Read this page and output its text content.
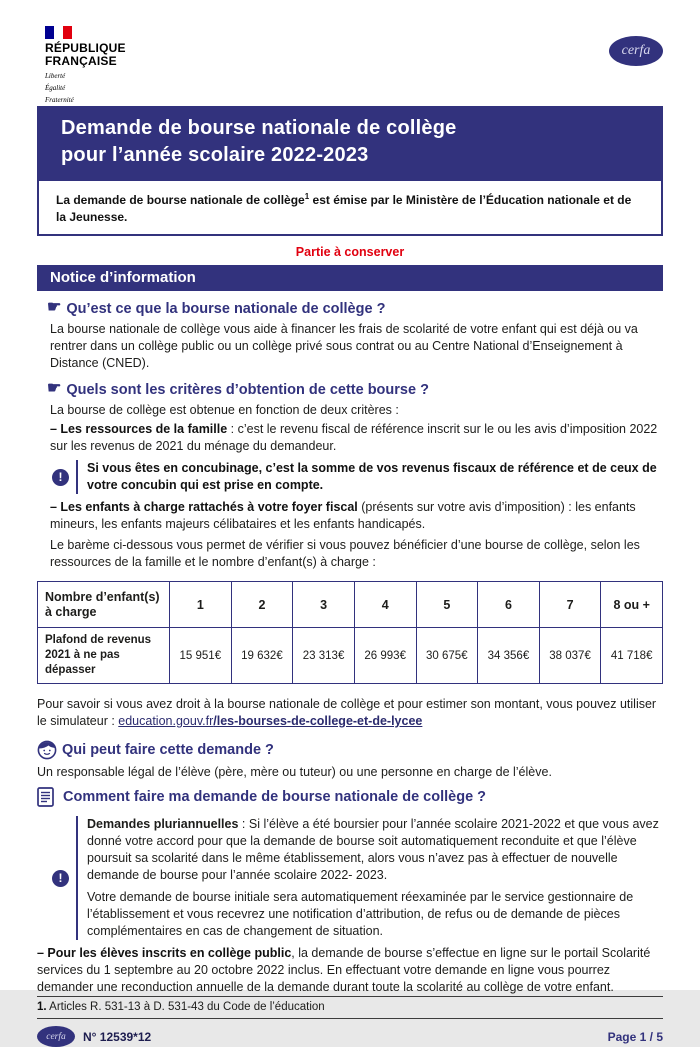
RÉPUBLIQUE
FRANÇAISE
Liberté
Égalité
Fraternité
cerfa
Demande de bourse nationale de collège
pour l’année scolaire 2022-2023
La demande de bourse nationale de collège$^1$ est émise par le Ministère de l’Éducation nationale et de la Jeunesse.
Partie à conserver
Notice d’information
☛ Qu’est ce que la bourse nationale de collège ?

La bourse nationale de collège vous aide à financer les frais de scolarité de votre enfant qui est déjà ou va rentrer dans un collège public ou un collège privé sous contrat ou au Centre National d’Enseignement à Distance (CNED).

☛ Quels sont les critères d’obtention de cette bourse ?

La bourse de collège est obtenue en fonction de deux critères :

– Les ressources de la famille : c’est le revenu fiscal de référence inscrit sur le ou les avis d’imposition 2022 sur les revenus de 2021 du ménage du demandeur.

!
Si vous êtes en concubinage, c’est la somme de vos revenus fiscaux de référence et de ceux de votre concubin qui est prise en compte.

– Les enfants à charge rattachés à votre foyer fiscal (présents sur votre avis d’imposition) : les enfants mineurs, les enfants majeurs célibataires et les enfants handicapés.

Le barème ci-dessous vous permet de vérifier si vous pouvez bénéficier d’une bourse de collège, selon les ressources de la famille et le nombre d’enfant(s) à charge :

Nombre d’enfant(s) à charge	1	2	3	4	5	6	7	8 ou +
Plafond de revenus 2021 à ne pas dépasser	15 951€	19 632€	23 313€	26 993€	30 675€	34 356€	38 037€	41 718€

Pour savoir si vous avez droit à la bourse nationale de collège et pour estimer son montant, vous pouvez utiliser le simulateur : education.gouv.fr/les-bourses-de-college-et-de-lycee

Qui peut faire cette demande ?

Un responsable légal de l’élève (père, mère ou tuteur) ou une personne en charge de l’élève.

Comment faire ma demande de bourse nationale de collège ?
!
Demandes pluriannuelles : Si l’élève a été boursier pour l’année scolaire 2021-2022 et que vous avez donné votre accord pour que la demande de bourse soit automatiquement reconduite et que l’élève poursuit sa scolarité dans le même établissement, alors vous n’avez pas à effectuer de nouvelle demande de bourse pour l’année scolaire 2022- 2023.
Votre demande de bourse initiale sera automatiquement réexaminée par le service gestionnaire de l’établissement et vous recevrez une notification d’attribution, de refus ou de demande de pièces complémentaires en cas de changement de situation.

– Pour les élèves inscrits en collège public, la demande de bourse s’effectue en ligne sur le portail Scolarité services du 1 septembre au 20 octobre 2022 inclus. En effectuant votre demande en ligne vous pourrez demander une reconduction annuelle de la demande durant toute la scolarité au collège de votre enfant.

1. Articles R. 531-13 à D. 531-43 du Code de l’éducation
cerfa N° 12539*12	Page 1 / 5
